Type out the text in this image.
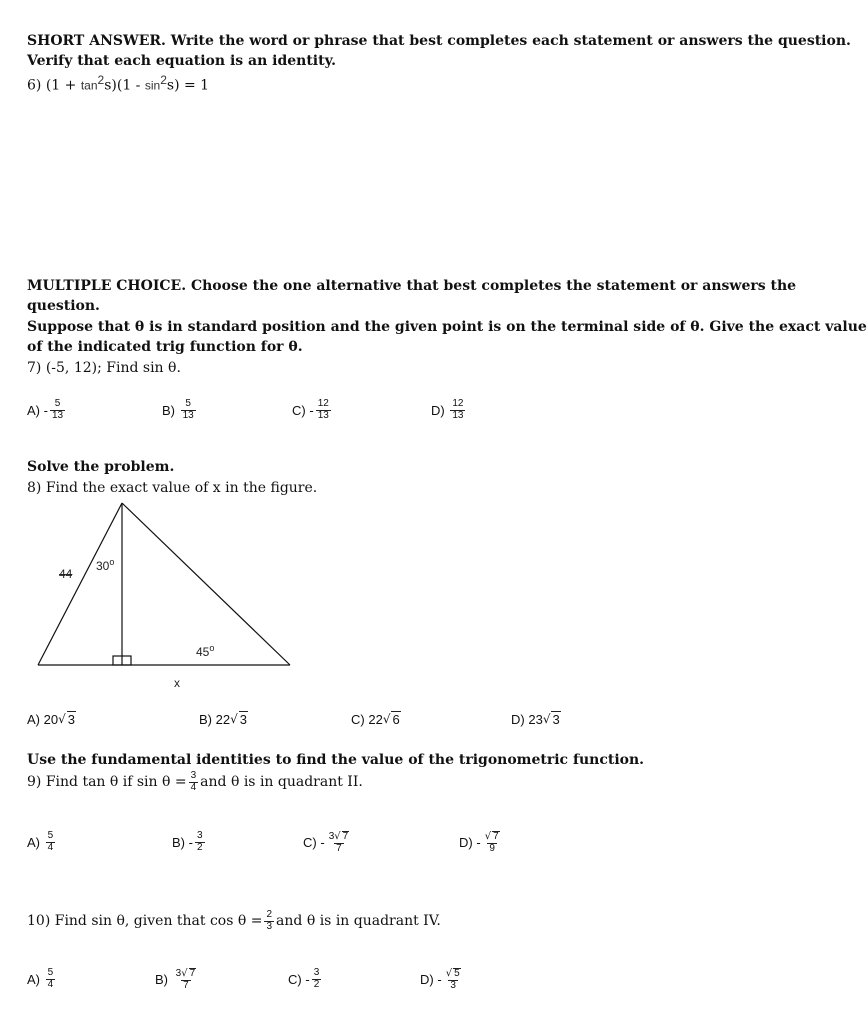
SHORT ANSWER. Write the word or phrase that best completes each statement or answers the question.
Verify that each equation is an identity.
6) $(1 + \tan^2s)(1 - \sin^2s) = 1$
MULTIPLE CHOICE. Choose the one alternative that best completes the statement or answers the
question.
Suppose that θ is in standard position and the given point is on the terminal side of θ. Give the exact value
of the indicated trig function for θ.
7) (-5, 12); Find sin θ.
A)
- $\frac{5}{13}$	B)
$\frac{5}{13}$	C)
- $\frac{12}{13}$	D)
$\frac{12}{13}$
Solve the problem.
8) Find the exact value of x in the figure.
44
30$^o$
45$^o$
x
A)
20 √ 3	B)
22 √ 3	C)
22 √ 6	D)
23 √ 3
Use the fundamental identities to find the value of the trigonometric function.
9) Find tan θ if $\sin \theta = \frac{3}{4}$ and θ is in quadrant II.
A)
$\frac{5}{4}$	B)
- $\frac{3}{2}$	C)
- $\frac{3√ 7}{7}$	D)
- $\frac{√ 7}{9}$
10) Find sin θ, given that $\cos \theta = \frac{2}{3}$ and θ is in quadrant IV.
A)
$\frac{5}{4}$	B)
$\frac{3√ 7}{7}$	C)
- $\frac{3}{2}$	D)
- $\frac{√ 5}{3}$
